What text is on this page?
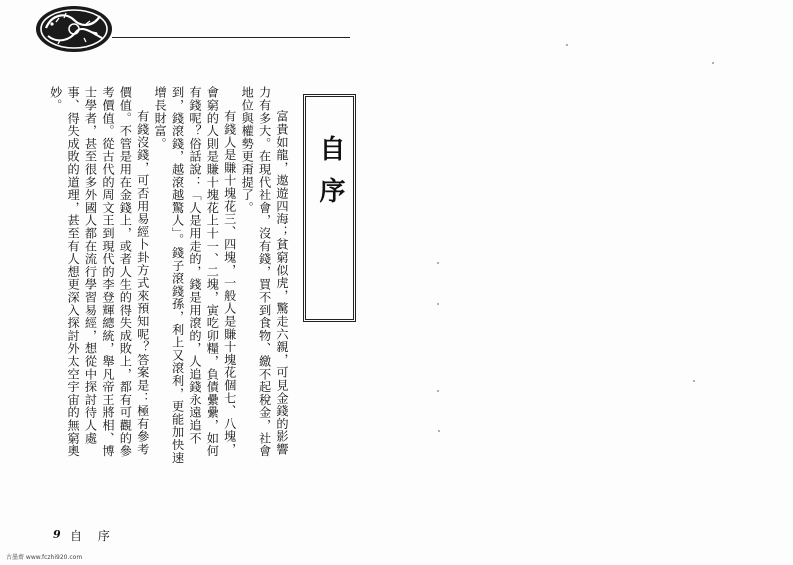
自序

富貴如龍，遨遊四海；貧窮似虎，驚走六親，可見金錢的影響力有多大。在現代社會，沒有錢，買不到食物、繳不起稅金，社會地位與權勢更甭提了。

有錢人是賺十塊花三、四塊，一般人是賺十塊花個七、八塊，會窮的人則是賺十塊花上十一、二塊，寅吃卯糧，負債纍纍，如何有錢呢？俗話說：「人是用走的，錢是用滾的，人追錢永遠追不到，錢滾錢，越滾越驚人」。錢子滾錢孫，利上又滾利，更能加快速增長財富。

有錢沒錢，可否用易經卜卦方式來預知呢？答案是：極有參考價值。不管是用在金錢上，或者人生的得失成敗上，都有可觀的參考價值。從古代的周文王到現代的李登輝總統，舉凡帝王將相、博士學者，甚至很多外國人都在流行學習易經，想從中探討待人處事、得失成敗的道理，甚至有人想更深入探討外太空宇宙的無窮奧妙。

9 自 序
古墨齋 www.fczhi920.com
